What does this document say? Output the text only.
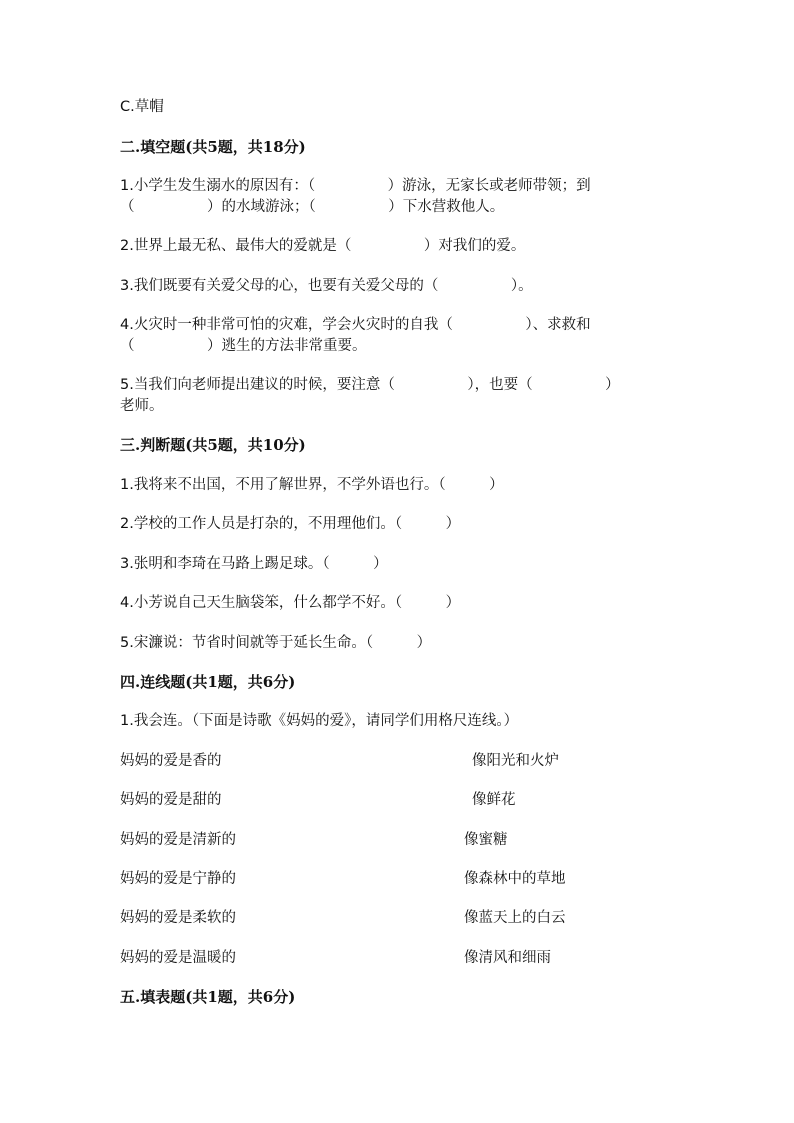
C.草帽
二.填空题(共5题，共18分)
1.小学生发生溺水的原因有：（　　　　　）游泳，无家长或老师带领；到
（　　　　　）的水域游泳；（　　　　　）下水营救他人。
2.世界上最无私、最伟大的爱就是（　　　　　）对我们的爱。
3.我们既要有关爱父母的心，也要有关爱父母的（　　　　　）。
4.火灾时一种非常可怕的灾难，学会火灾时的自我（　　　　　）、求救和
（　　　　　）逃生的方法非常重要。
5.当我们向老师提出建议的时候，要注意（　　　　　），也要（　　　　　）
老师。
三.判断题(共5题，共10分)
1.我将来不出国，不用了解世界，不学外语也行。（　　　）
2.学校的工作人员是打杂的，不用理他们。（　　　）
3.张明和李琦在马路上踢足球。（　　　）
4.小芳说自己天生脑袋笨，什么都学不好。（　　　）
5.宋濂说：节省时间就等于延长生命。（　　　）
四.连线题(共1题，共6分)
1.我会连。（下面是诗歌《妈妈的爱》，请同学们用格尺连线。）
妈妈的爱是香的	像阳光和火炉
妈妈的爱是甜的	像鲜花
妈妈的爱是清新的	像蜜糖
妈妈的爱是宁静的	像森林中的草地
妈妈的爱是柔软的	像蓝天上的白云
妈妈的爱是温暖的	像清风和细雨
五.填表题(共1题，共6分)
